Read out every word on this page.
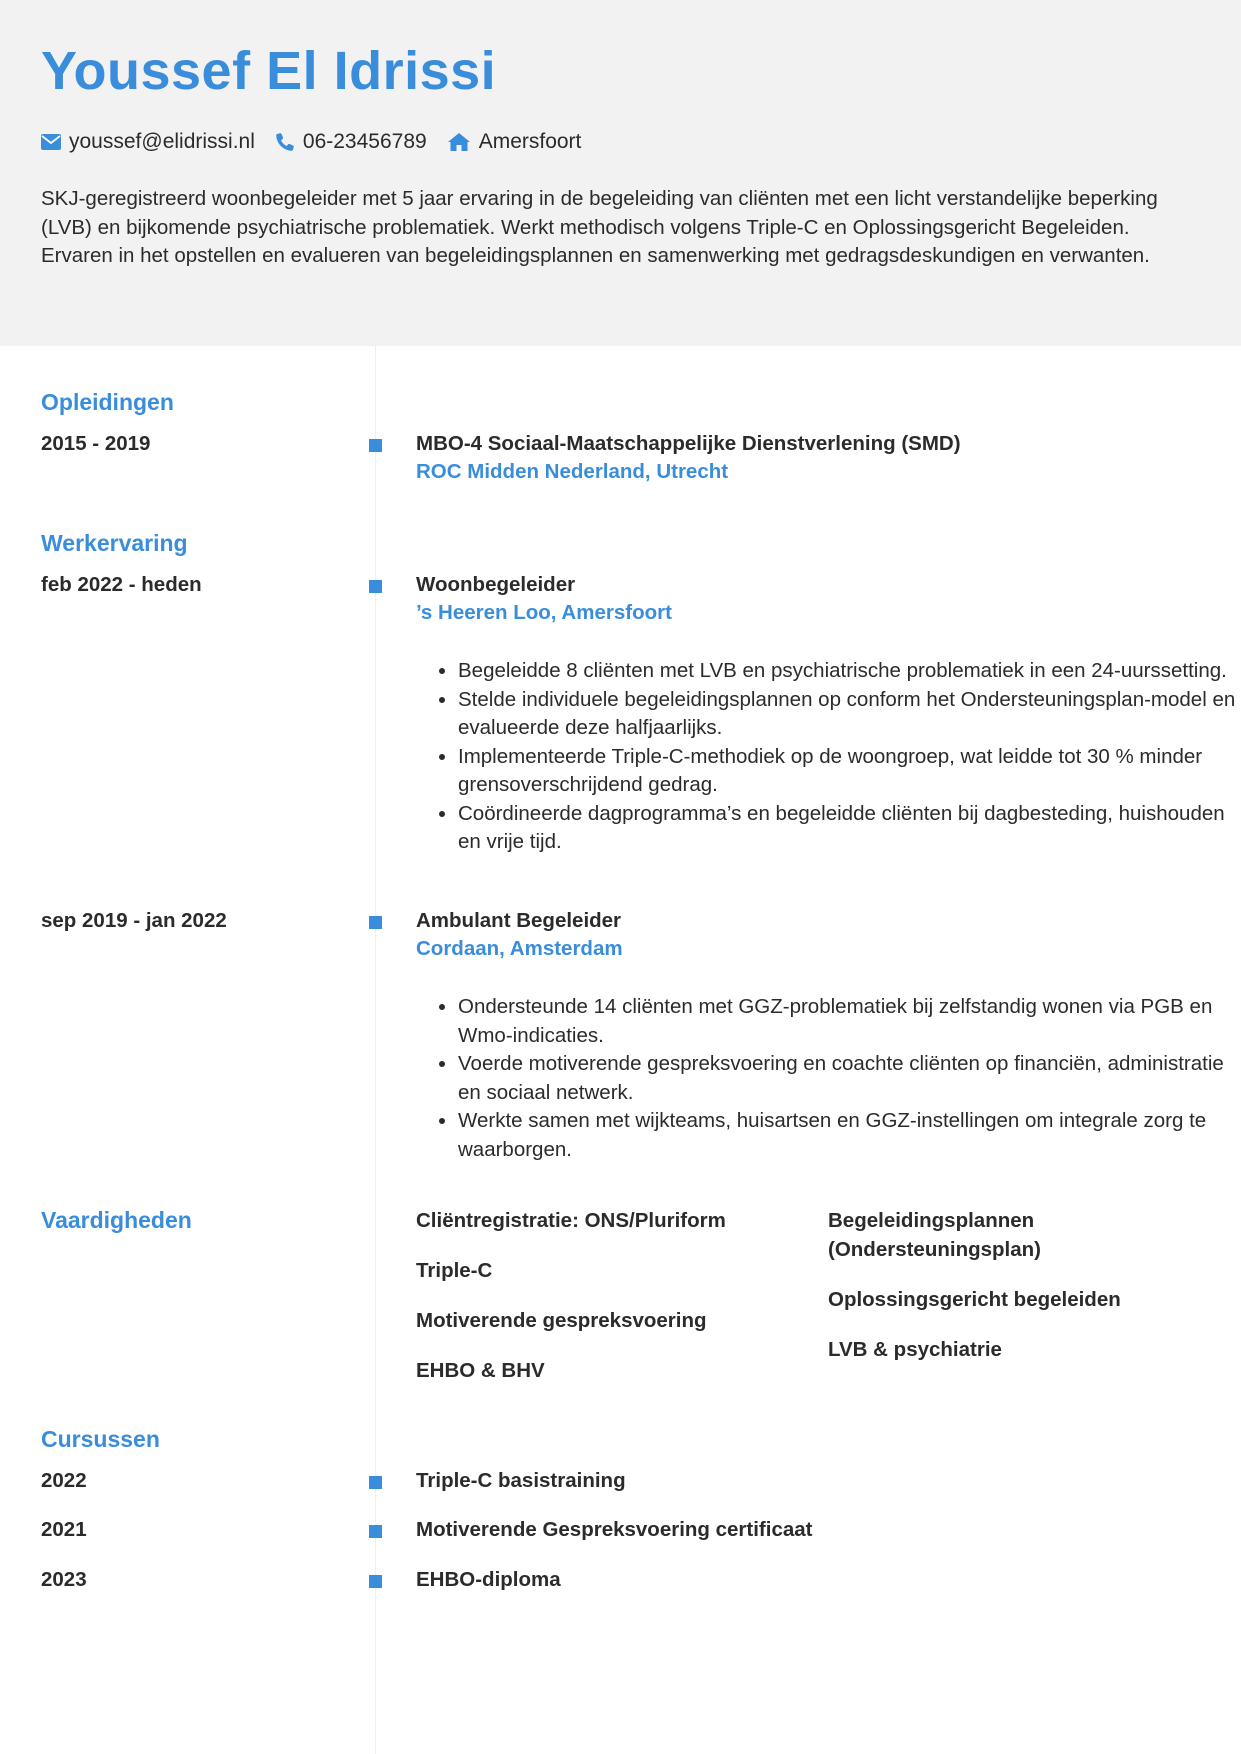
Youssef El Idrissi
youssef@elidrissi.nl 06-23456789 Amersfoort

SKJ-geregistreerd woonbegeleider met 5 jaar ervaring in de begeleiding van cliënten met een licht verstandelijke beperking (LVB) en bijkomende psychiatrische problematiek. Werkt methodisch volgens Triple-C en Oplossingsgericht Begeleiden. Ervaren in het opstellen en evalueren van begeleidingsplannen en samenwerking met gedragsdeskundigen en verwanten.

Opleidingen
2015 - 2019	MBO-4 Sociaal-Maatschappelijke Dienstverlening (SMD)
ROC Midden Nederland, Utrecht
Werkervaring
feb 2022 - heden	Woonbegeleider
’s Heeren Loo, Amersfoort
• Begeleidde 8 cliënten met LVB en psychiatrische problematiek in een 24-uurssetting.
• Stelde individuele begeleidingsplannen op conform het Ondersteuningsplan-model en evalueerde deze halfjaarlijks.
• Implementeerde Triple-C-methodiek op de woongroep, wat leidde tot 30 % minder grensoverschrijdend gedrag.
• Coördineerde dagprogramma’s en begeleidde cliënten bij dagbesteding, huishouden en vrije tijd.
sep 2019 - jan 2022	Ambulant Begeleider
Cordaan, Amsterdam
• Ondersteunde 14 cliënten met GGZ-problematiek bij zelfstandig wonen via PGB en Wmo-indicaties.
• Voerde motiverende gespreksvoering en coachte cliënten op financiën, administratie en sociaal netwerk.
• Werkte samen met wijkteams, huisartsen en GGZ-instellingen om integrale zorg te waarborgen.
Vaardigheden	Cliëntregistratie: ONS/Pluriform
Triple-C
Motiverende gespreksvoering
EHBO & BHV
Begeleidingsplannen (Ondersteuningsplan)
Oplossingsgericht begeleiden
LVB & psychiatrie
Cursussen
2022	Triple-C basistraining
2021	Motiverende Gespreksvoering certificaat
2023	EHBO-diploma
